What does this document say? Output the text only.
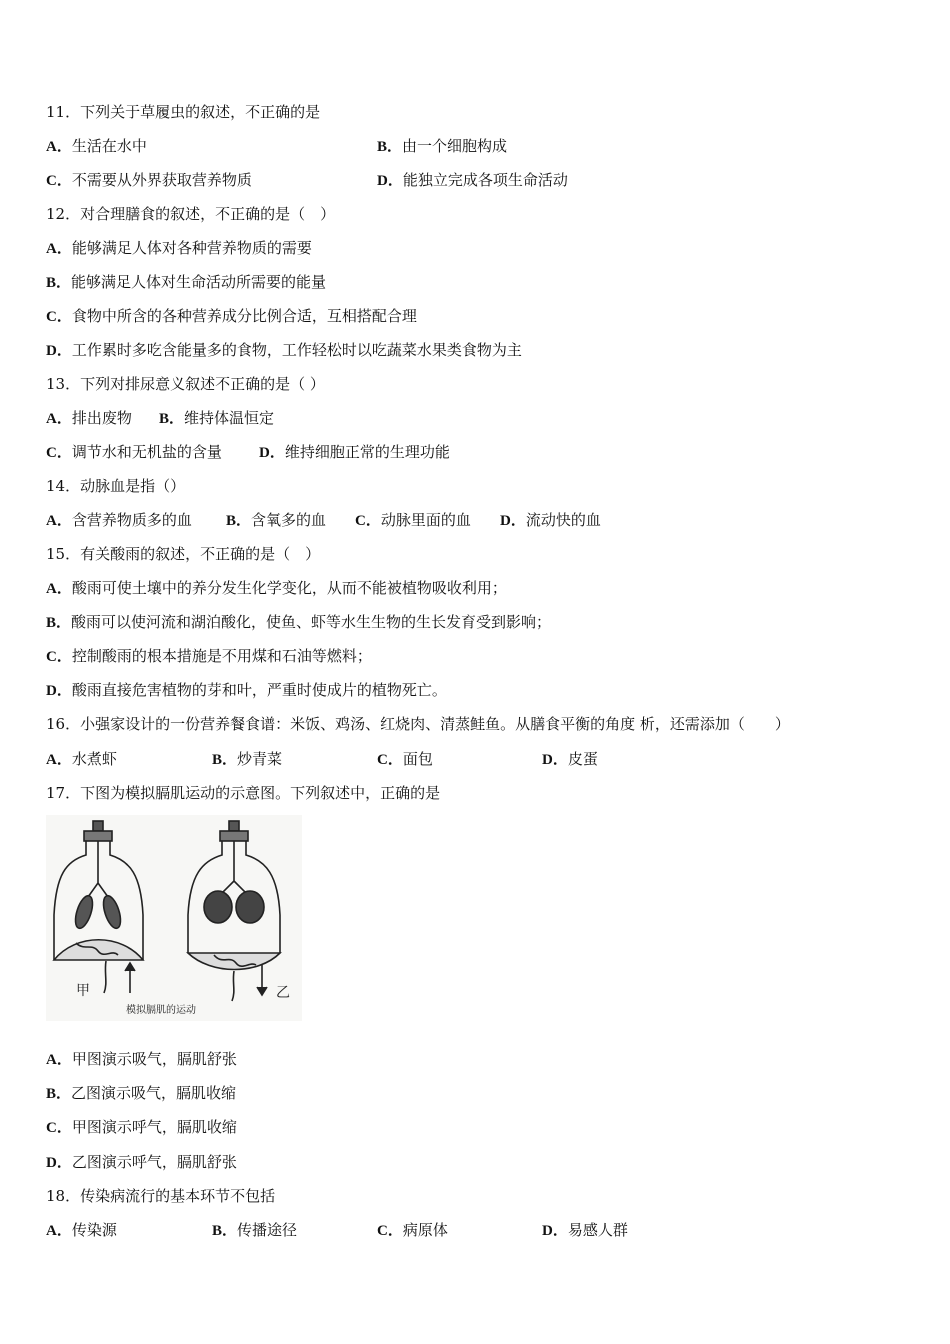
11．下列关于草履虫的叙述，不正确的是
A．生活在水中	B．由一个细胞构成
C．不需要从外界获取营养物质	D．能独立完成各项生命活动
12．对合理膳食的叙述，不正确的是（　）
A．能够满足人体对各种营养物质的需要
B．能够满足人体对生命活动所需要的能量
C．食物中所含的各种营养成分比例合适，互相搭配合理
D．工作累时多吃含能量多的食物，工作轻松时以吃蔬菜水果类食物为主
13．下列对排尿意义叙述不正确的是（ ）
A．排出废物 B．维持体温恒定
C．调节水和无机盐的含量 D．维持细胞正常的生理功能
14．动脉血是指（）
A．含营养物质多的血 B．含氧多的血 C．动脉里面的血 D．流动快的血
15．有关酸雨的叙述，不正确的是（　）
A．酸雨可使土壤中的养分发生化学变化，从而不能被植物吸收利用；
B．酸雨可以使河流和湖泊酸化，使鱼、虾等水生生物的生长发育受到影响；
C．控制酸雨的根本措施是不用煤和石油等燃料；
D．酸雨直接危害植物的芽和叶，严重时使成片的植物死亡。
16．小强家设计的一份营养餐食谱：米饭、鸡汤、红烧肉、清蒸鲑鱼。从膳食平衡的角度 析，还需添加（　　）
A．水煮虾	B．炒青菜	C．面包	D．皮蛋
17．下图为模拟膈肌运动的示意图。下列叙述中，正确的是
甲	乙
模拟膈肌的运动
A．甲图演示吸气，膈肌舒张
B．乙图演示吸气，膈肌收缩
C．甲图演示呼气，膈肌收缩
D．乙图演示呼气，膈肌舒张
18．传染病流行的基本环节不包括
A．传染源	B．传播途径	C．病原体	D．易感人群
